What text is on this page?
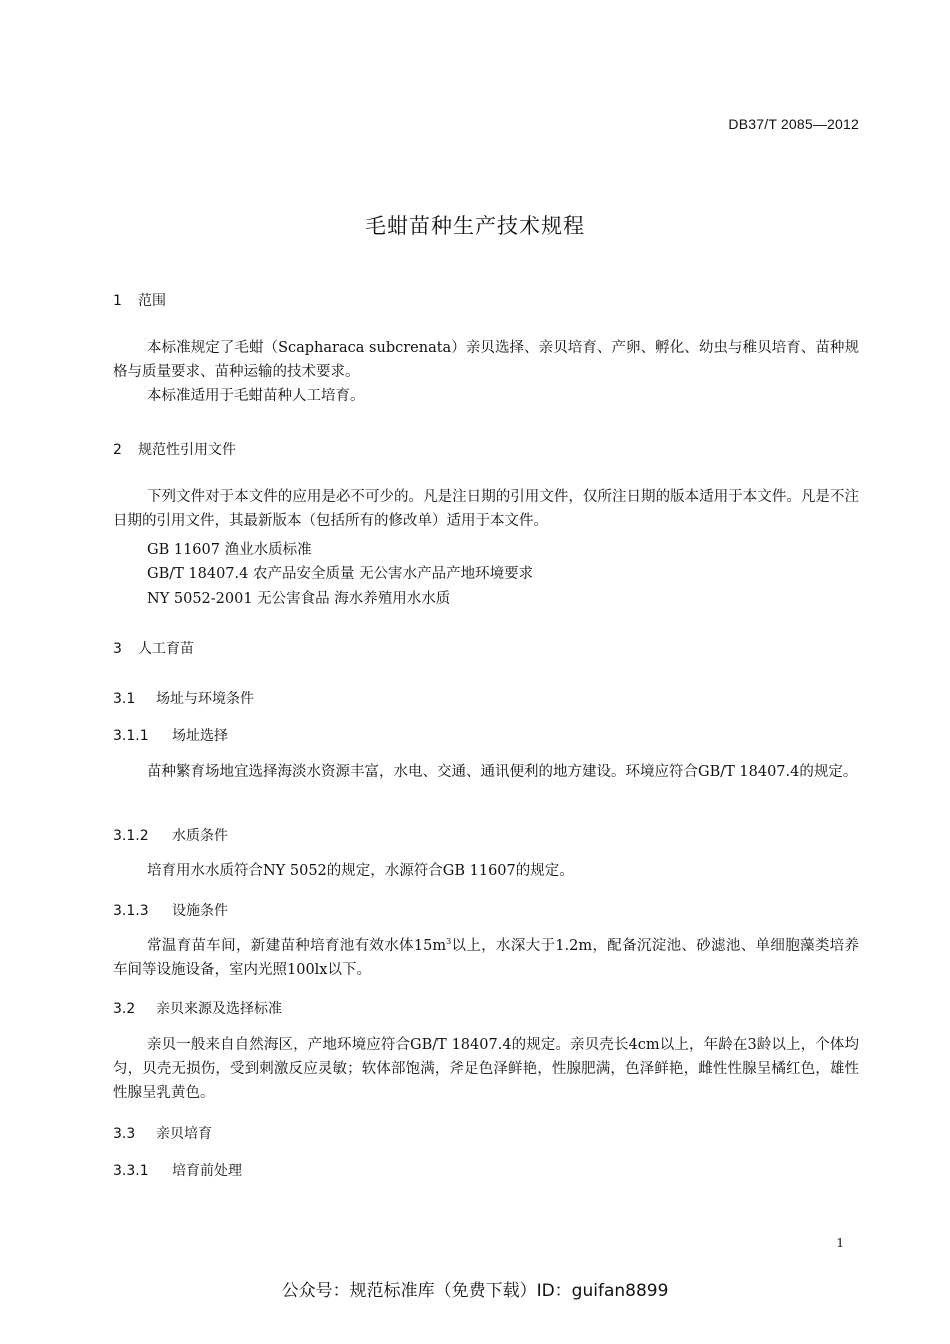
DB37/T 2085—2012
毛蚶苗种生产技术规程
1 范围
本标准规定了毛蚶（Scapharaca subcrenata）亲贝选择、亲贝培育、产卵、孵化、幼虫与稚贝培育、苗种规格与质量要求、苗种运输的技术要求。
本标准适用于毛蚶苗种人工培育。
2 规范性引用文件
下列文件对于本文件的应用是必不可少的。凡是注日期的引用文件，仅所注日期的版本适用于本文件。凡是不注日期的引用文件，其最新版本（包括所有的修改单）适用于本文件。
GB 11607 渔业水质标准
GB/T 18407.4 农产品安全质量 无公害水产品产地环境要求
NY 5052-2001 无公害食品 海水养殖用水水质
3 人工育苗
3.1 场址与环境条件
3.1.1 场址选择
苗种繁育场地宜选择海淡水资源丰富，水电、交通、通讯便利的地方建设。环境应符合GB/T 18407.4的规定。
3.1.2 水质条件
培育用水水质符合NY 5052的规定，水源符合GB 11607的规定。
3.1.3 设施条件
常温育苗车间，新建苗种培育池有效水体$15m^3$以上，水深大于1.2m，配备沉淀池、砂滤池、单细胞藻类培养车间等设施设备，室内光照100lx以下。
3.2 亲贝来源及选择标准
亲贝一般来自自然海区，产地环境应符合GB/T 18407.4的规定。亲贝壳长4cm以上，年龄在3龄以上，个体均匀，贝壳无损伤，受到刺激反应灵敏；软体部饱满，斧足色泽鲜艳，性腺肥满，色泽鲜艳，雌性性腺呈橘红色，雄性性腺呈乳黄色。
3.3 亲贝培育
3.3.1 培育前处理
1
公众号：规范标准库（免费下载）ID：guifan8899
